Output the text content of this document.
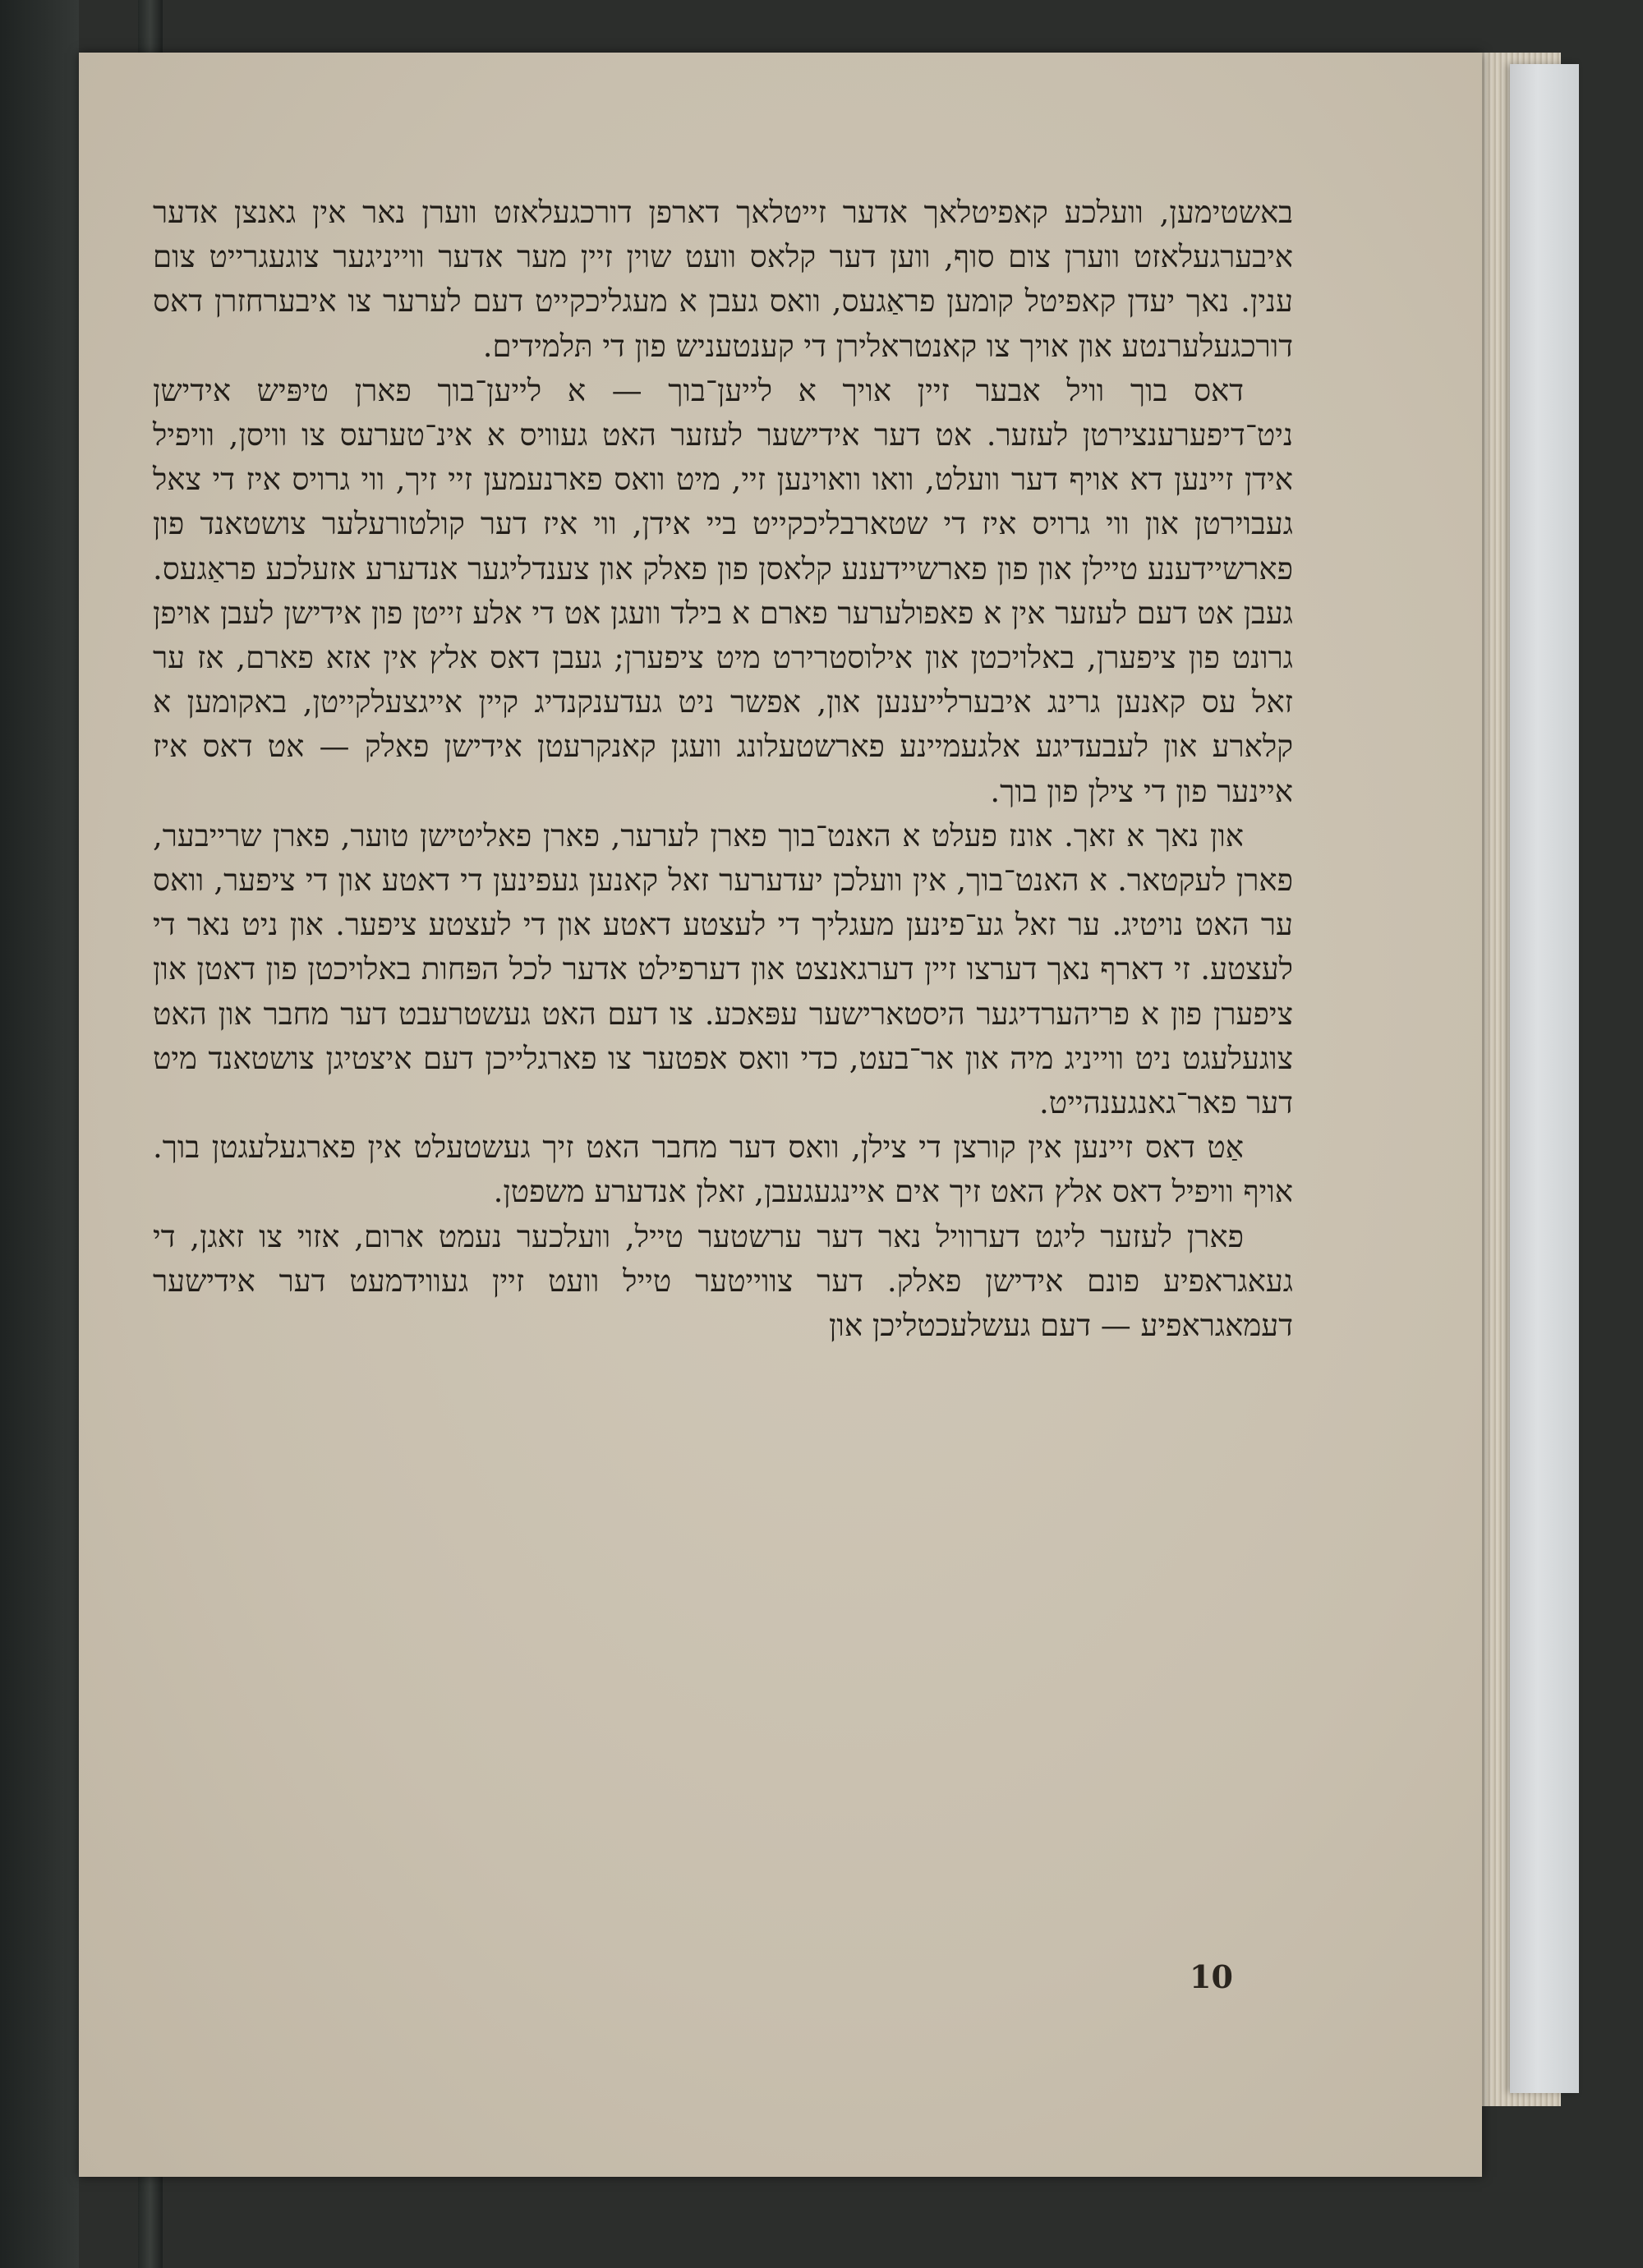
באשטימען, וועלכע קאפיטלאך אדער זייטלאך דארפן דורכגעלאזט ווערן נאר אין גאנצן אדער איבערגעלאזט ווערן צום סוף, ווען דער קלאס וועט שוין זיין מער אדער ווייניגער צוגעגרייט צום ענין. נאך יעדן קאפיטל קומען פראַגעס, וואס געבן א מעגליכקייט דעם לערער צו איבערחזרן דאס דורכגעלערנטע און אויך צו קאנטראלירן די קענטעניש פון די תּלמידים.

דאס בוך וויל אבער זיין אויך א לייען־בוך — א לייען־בוך פארן טיפּיש אידישן ניט־דיפערענצירטן לעזער. אט דער אידישער לעזער האט געוויס א אינ־טערעס צו וויסן, וויפיל אידן זיינען דא אויף דער וועלט, וואו וואוינען זיי, מיט וואס פארנעמען זיי זיך, ווי גרויס איז די צאל געבוירטן און ווי גרויס איז די שטארבליכקייט ביי אידן, ווי איז דער קולטורעלער צושטאנד פון פארשיידענע טיילן און פון פארשיידענע קלאסן פון פאלק און צענדליגער אנדערע אזעלכע פראַגעס. געבן אט דעם לעזער אין א פאפולערער פארם א בילד וועגן אט די אלע זייטן פון אידישן לעבן אויפן גרונט פון ציפערן, באלויכטן און אילוסטרירט מיט ציפערן; געבן דאס אלץ אין אזא פארם, אז ער זאל עס קאנען גרינג איבערלייענען און, אפשר ניט געדענקנדיג קיין אייגצעלקייטן, באקומען א קלארע און לעבעדיגע אלגעמיינע פארשטעלונג וועגן קאנקרעטן אידישן פאלק — אט דאס איז איינער פון די צילן פון בוך.

און נאך א זאך. אונז פעלט א האנט־בוך פארן לערער, פארן פאליטישן טוער, פארן שרייבער, פארן לעקטאר. א האנט־בוך, אין וועלכן יעדערער זאל קאנען געפינען די דאטע און די ציפער, וואס ער האט נויטיג. ער זאל גע־פינען מעגליך די לעצטע דאטע און די לעצטע ציפער. און ניט נאר די לעצטע. זי דארף נאך דערצו זיין דערגאנצט און דערפילט אדער לכל הפּחות באלויכטן פון דאטן און ציפערן פון א פריהערדיגער היסטארישער עפּאכע. צו דעם האט געשטרעבט דער מחבר און האט צוגעלעגט ניט ווייניג מיה און אר־בעט, כדי וואס אפטער צו פארגלייכן דעם איצטיגן צושטאנד מיט דער פאר־גאנגענהייט.

אַט דאס זיינען אין קורצן די צילן, וואס דער מחבר האט זיך געשטעלט אין פארגעלעגטן בוך. אויף וויפיל דאס אלץ האט זיך אים איינגעגעבן, זאלן אנדערע משפטן.

פארן לעזער ליגט דערוויל נאר דער ערשטער טייל, וועלכער נעמט ארום, אזוי צו זאגן, די געאגראפיע פונם אידישן פאלק. דער צווייטער טייל וועט זיין געווידמעט דער אידישער דעמאגראפיע — דעם געשלעכטליכן און

10
